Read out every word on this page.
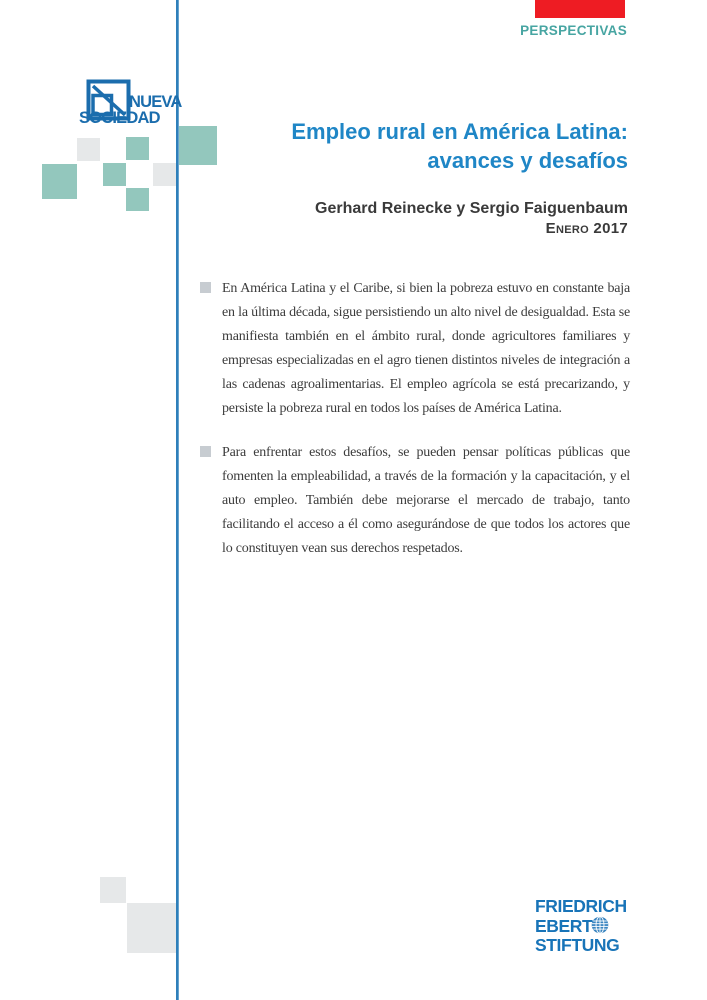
PERSPECTIVAS
NUEVA
SOCIEDAD
Empleo rural en América Latina:
avances y desafíos
Gerhard Reinecke y Sergio Faiguenbaum
Enero 2017
En América Latina y el Caribe, si bien la pobreza estuvo en constante baja en la última década, sigue persistiendo un alto nivel de desigualdad. Esta se manifiesta también en el ámbito rural, donde agricultores familiares y empresas especializadas en el agro tienen distintos niveles de integración a las cadenas agroalimentarias. El empleo agrícola se está precarizando, y persiste la pobreza rural en todos los países de América Latina.
Para enfrentar estos desafíos, se pueden pensar políticas públicas que fomenten la empleabilidad, a través de la formación y la capacitación, y el auto empleo. También debe mejorarse el mercado de trabajo, tanto facilitando el acceso a él como asegurándose de que todos los actores que lo constituyen vean sus derechos respetados.
FRIEDRICH
EBERT
STIFTUNG
